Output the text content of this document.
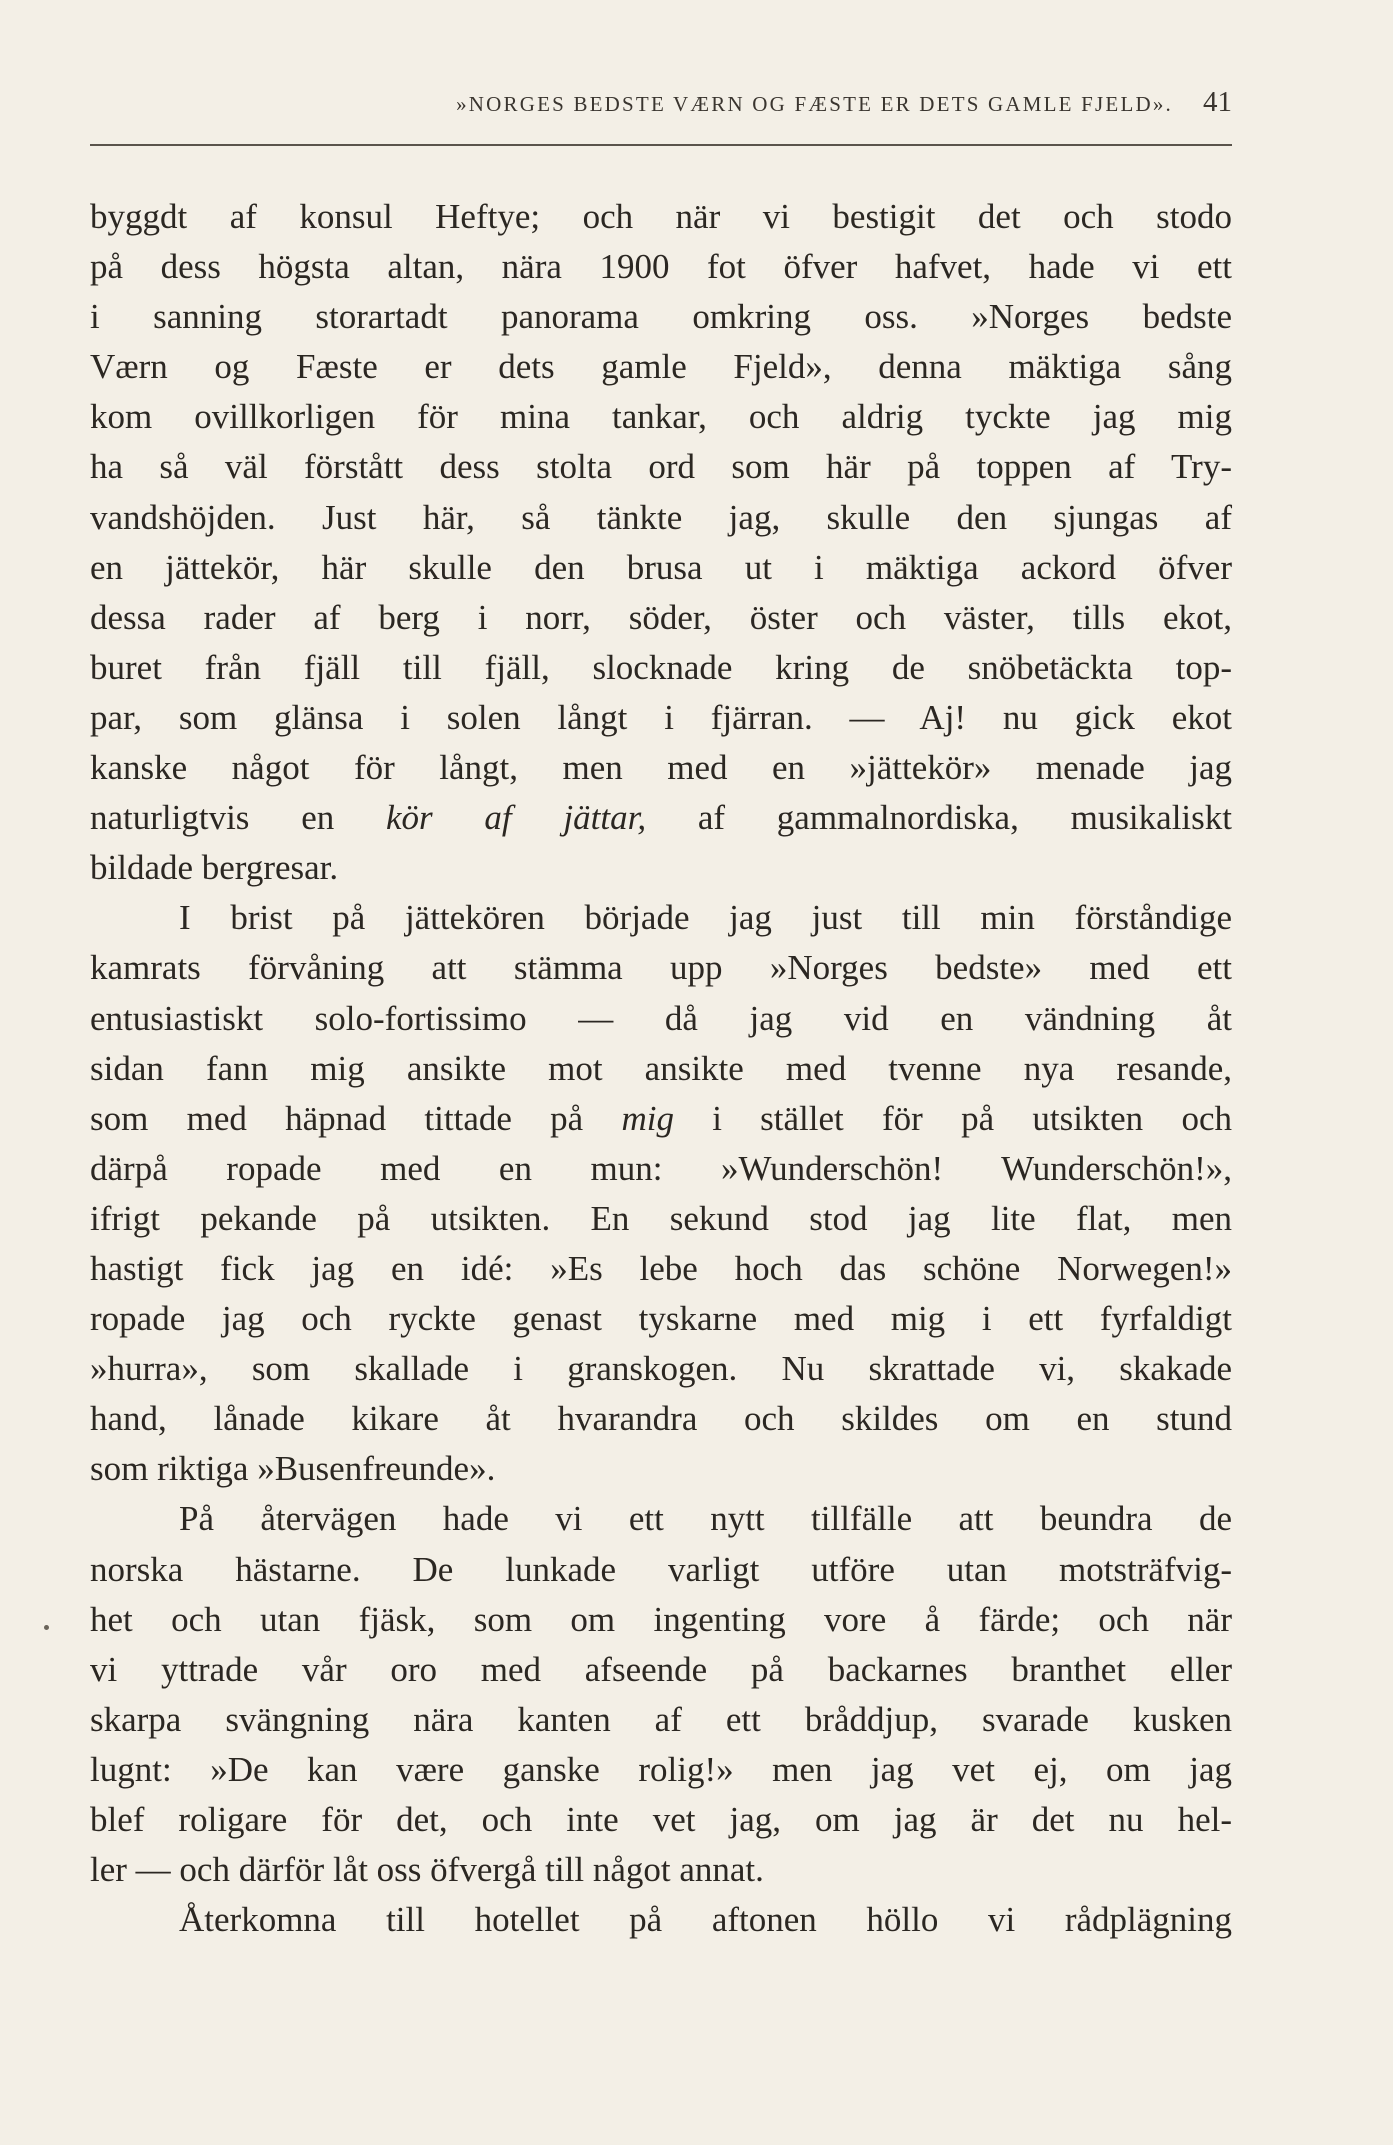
»NORGES BEDSTE VÆRN OG FÆSTE ER DETS GAMLE FJELD». 41
byggdt af konsul Heftye; och när vi bestigit det och stodo
på dess högsta altan, nära 1900 fot öfver hafvet, hade vi ett
i sanning storartadt panorama omkring oss. »Norges bedste
Værn og Fæste er dets gamle Fjeld», denna mäktiga sång
kom ovillkorligen för mina tankar, och aldrig tyckte jag mig
ha så väl förstått dess stolta ord som här på toppen af Try-
vandshöjden. Just här, så tänkte jag, skulle den sjungas af
en jättekör, här skulle den brusa ut i mäktiga ackord öfver
dessa rader af berg i norr, söder, öster och väster, tills ekot,
buret från fjäll till fjäll, slocknade kring de snöbetäckta top-
par, som glänsa i solen långt i fjärran. — Aj! nu gick ekot
kanske något för långt, men med en »jättekör» menade jag
naturligtvis en kör af jättar, af gammalnordiska, musikaliskt
bildade bergresar.
I brist på jättekören började jag just till min förståndige
kamrats förvåning att stämma upp »Norges bedste» med ett
entusiastiskt solo-fortissimo — då jag vid en vändning åt
sidan fann mig ansikte mot ansikte med tvenne nya resande,
som med häpnad tittade på mig i stället för på utsikten och
därpå ropade med en mun: »Wunderschön! Wunderschön!»,
ifrigt pekande på utsikten. En sekund stod jag lite flat, men
hastigt fick jag en idé: »Es lebe hoch das schöne Norwegen!»
ropade jag och ryckte genast tyskarne med mig i ett fyrfaldigt
»hurra», som skallade i granskogen. Nu skrattade vi, skakade
hand, lånade kikare åt hvarandra och skildes om en stund
som riktiga »Busenfreunde».
På återvägen hade vi ett nytt tillfälle att beundra de
norska hästarne. De lunkade varligt utföre utan motsträfvig-
het och utan fjäsk, som om ingenting vore å färde; och när
vi yttrade vår oro med afseende på backarnes branthet eller
skarpa svängning nära kanten af ett bråddjup, svarade kusken
lugnt: »De kan være ganske rolig!» men jag vet ej, om jag
blef roligare för det, och inte vet jag, om jag är det nu hel-
ler — och därför låt oss öfvergå till något annat.
Återkomna till hotellet på aftonen höllo vi rådplägning
